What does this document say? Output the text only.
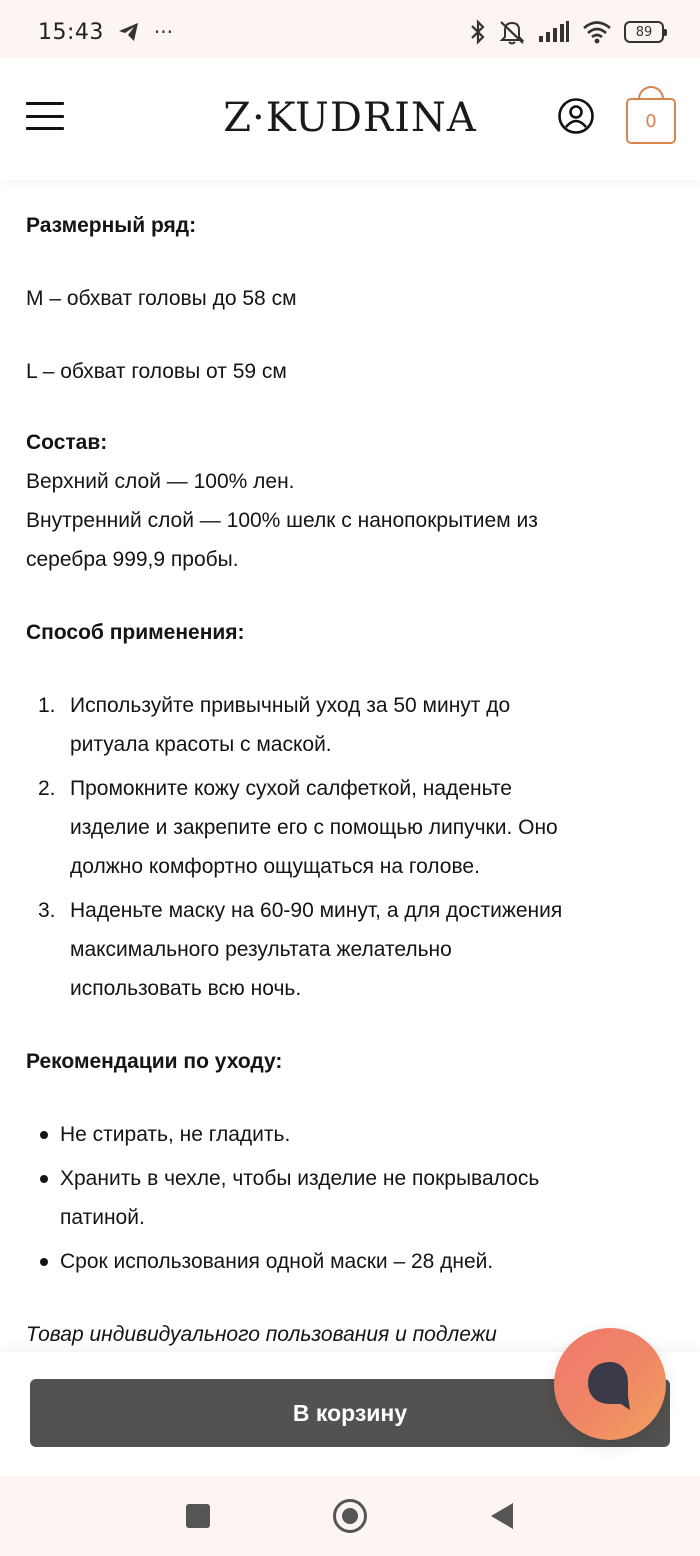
15:43	···	89
Z·KUDRINA	0
Размерный ряд:
M – обхват головы до 58 см
L – обхват головы от 59 см
Состав:
Верхний слой — 100% лен.
Внутренний слой — 100% шелк с нанопокрытием из
серебра 999,9 пробы.
Способ применения:
1. Используйте привычный уход за 50 минут до
ритуала красоты с маской.
2. Промокните кожу сухой салфеткой, наденьте
изделие и закрепите его с помощью липучки. Оно
должно комфортно ощущаться на голове.
3. Наденьте маску на 60-90 минут, а для достижения
максимального результата желательно
использовать всю ночь.
Рекомендации по уходу:
Не стирать, не гладить.
Хранить в чехле, чтобы изделие не покрывалось
патиной.
Срок использования одной маски – 28 дней.
Товар индивидуального пользования и подлежи
В корзину
